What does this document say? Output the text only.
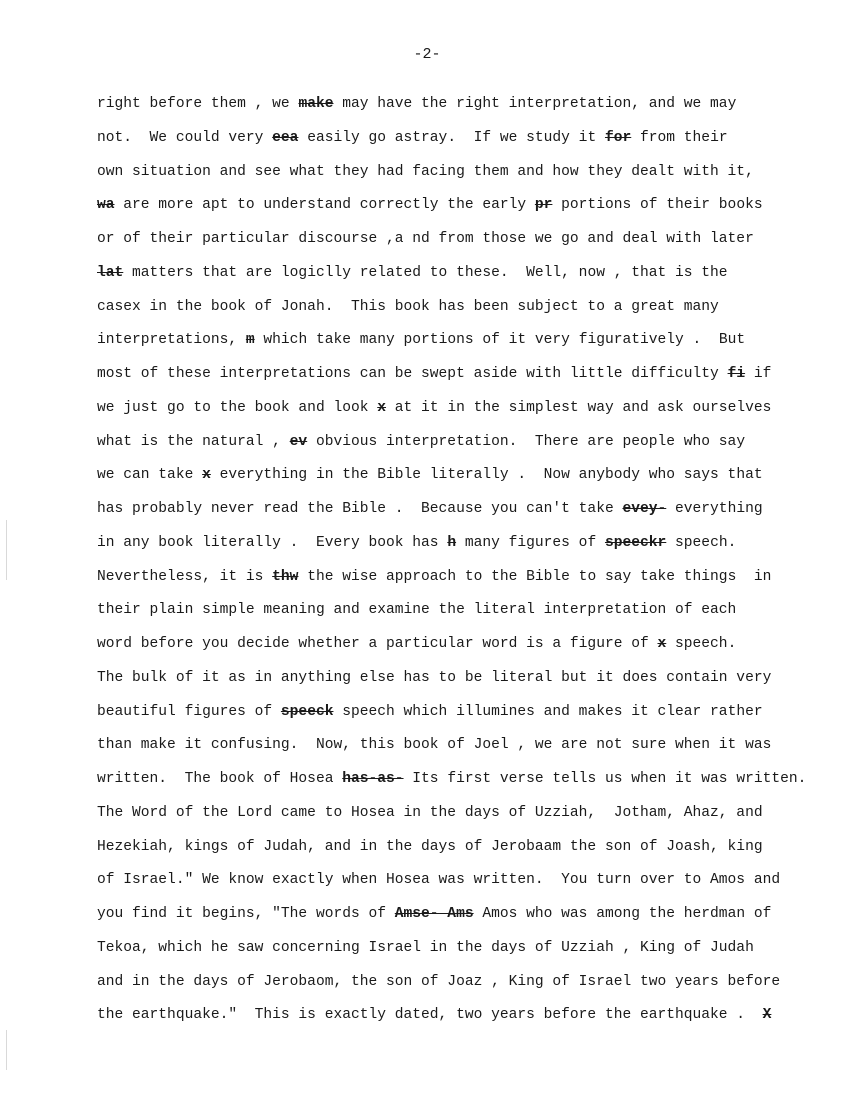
-2-
right before them , we make may have the right interpretation, and we may
not.  We could very eea easily go astray.  If we study it for from their
own situation and see what they had facing them and how they dealt with it,
wa are more apt to understand correctly the early pr portions of their books
or of their particular discourse ,a nd from those we go and deal with later
lat matters that are logiclly related to these.  Well, now , that is the
casex in the book of Jonah.  This book has been subject to a great many
interpretations, m which take many portions of it very figuratively .  But
most of these interpretations can be swept aside with little difficulty fi if
we just go to the book and look x at it in the simplest way and ask ourselves
what is the natural , ev obvious interpretation.  There are people who say
we can take x everything in the Bible literally .  Now anybody who says that
has probably never read the Bible .  Because you can't take evey- everything
in any book literally .  Every book has h many figures of speeckr speech.
Nevertheless, it is thw the wise approach to the Bible to say take things  in
their plain simple meaning and examine the literal interpretation of each
word before you decide whether a particular word is a figure of x speech.
The bulk of it as in anything else has to be literal but it does contain very
beautiful figures of speeck speech which illumines and makes it clear rather
than make it confusing.  Now, this book of Joel , we are not sure when it was
written.  The book of Hosea has-as- Its first verse tells us when it was written.
The Word of the Lord came to Hosea in the days of Uzziah,  Jotham, Ahaz, and
Hezekiah, kings of Judah, and in the days of Jerobaam the son of Joash, king
of Israel." We know exactly when Hosea was written.  You turn over to Amos and
you find it begins, "The words of Amse- Ams Amos who was among the herdman of
Tekoa, which he saw concerning Israel in the days of Uzziah , King of Judah
and in the days of Jerobaom, the son of Joaz , King of Israel two years before
the earthquake."  This is exactly dated, two years before the earthquake .  X
